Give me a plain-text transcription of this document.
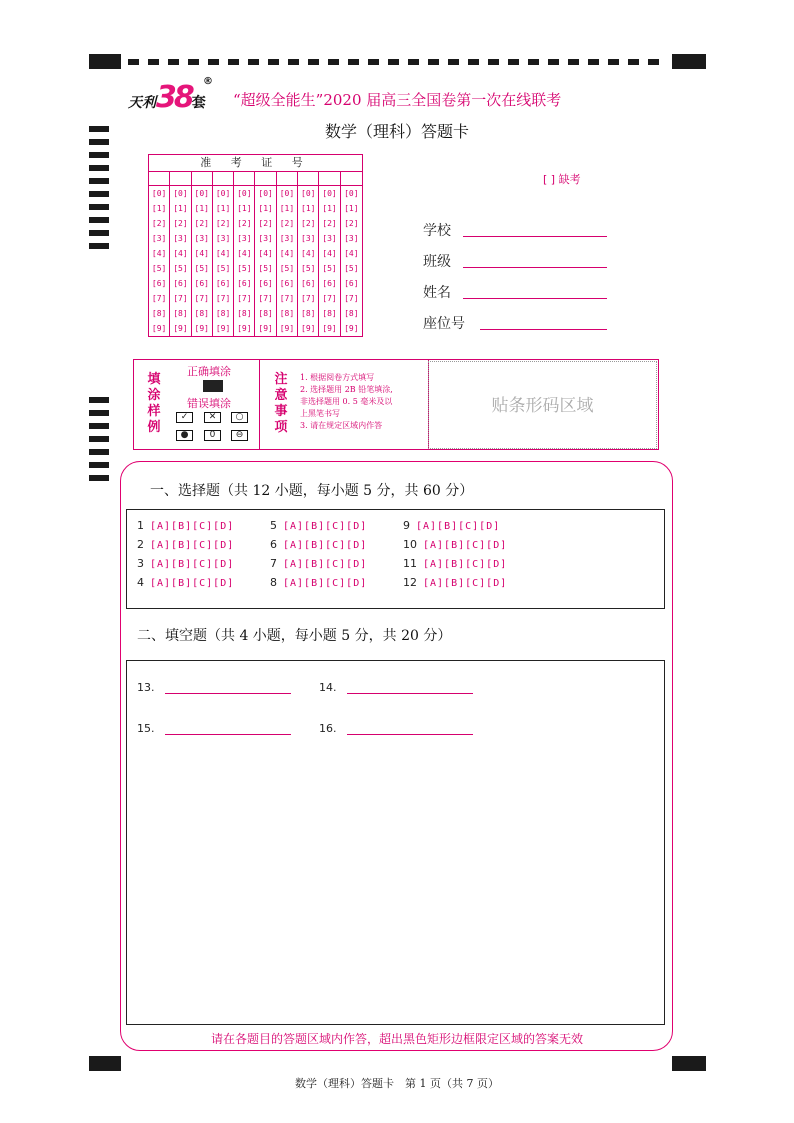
天利38套
®
“超级全能生”2020 届高三全国卷第一次在线联考
数学（理科）答题卡
准 考 证 号
[0] [0] [0] [0] [0] [0] [0] [0] [0] [0]
[1] [1] [1] [1] [1] [1] [1] [1] [1] [1]
[2] [2] [2] [2] [2] [2] [2] [2] [2] [2]
[3] [3] [3] [3] [3] [3] [3] [3] [3] [3]
[4] [4] [4] [4] [4] [4] [4] [4] [4] [4]
[5] [5] [5] [5] [5] [5] [5] [5] [5] [5]
[6] [6] [6] [6] [6] [6] [6] [6] [6] [6]
[7] [7] [7] [7] [7] [7] [7] [7] [7] [7]
[8] [8] [8] [8] [8] [8] [8] [8] [8] [8]
[9] [9] [9] [9] [9] [9] [9] [9] [9] [9]
[ ] 缺考
学校
班级
姓名
座位号
填
涂
样
例
正确填涂
错误填涂
✓	✕	○
●	0	⊖
注
意
事
项
1. 根据阅卷方式填写
2. 选择题用 2B 铅笔填涂,
非选择题用 0. 5 毫米及以
上黑笔书写
3. 请在规定区域内作答
贴条形码区域
一、选择题（共 12 小题，每小题 5 分，共 60 分）
1 [A][B][C][D]
2 [A][B][C][D]
3 [A][B][C][D]
4 [A][B][C][D]
5 [A][B][C][D]
6 [A][B][C][D]
7 [A][B][C][D]
8 [A][B][C][D]
9 [A][B][C][D]
10 [A][B][C][D]
11 [A][B][C][D]
12 [A][B][C][D]
二、填空题（共 4 小题，每小题 5 分，共 20 分）
13.	14.
15.	16.
请在各题目的答题区域内作答，超出黑色矩形边框限定区域的答案无效
数学（理科）答题卡　第 1 页（共 7 页）
